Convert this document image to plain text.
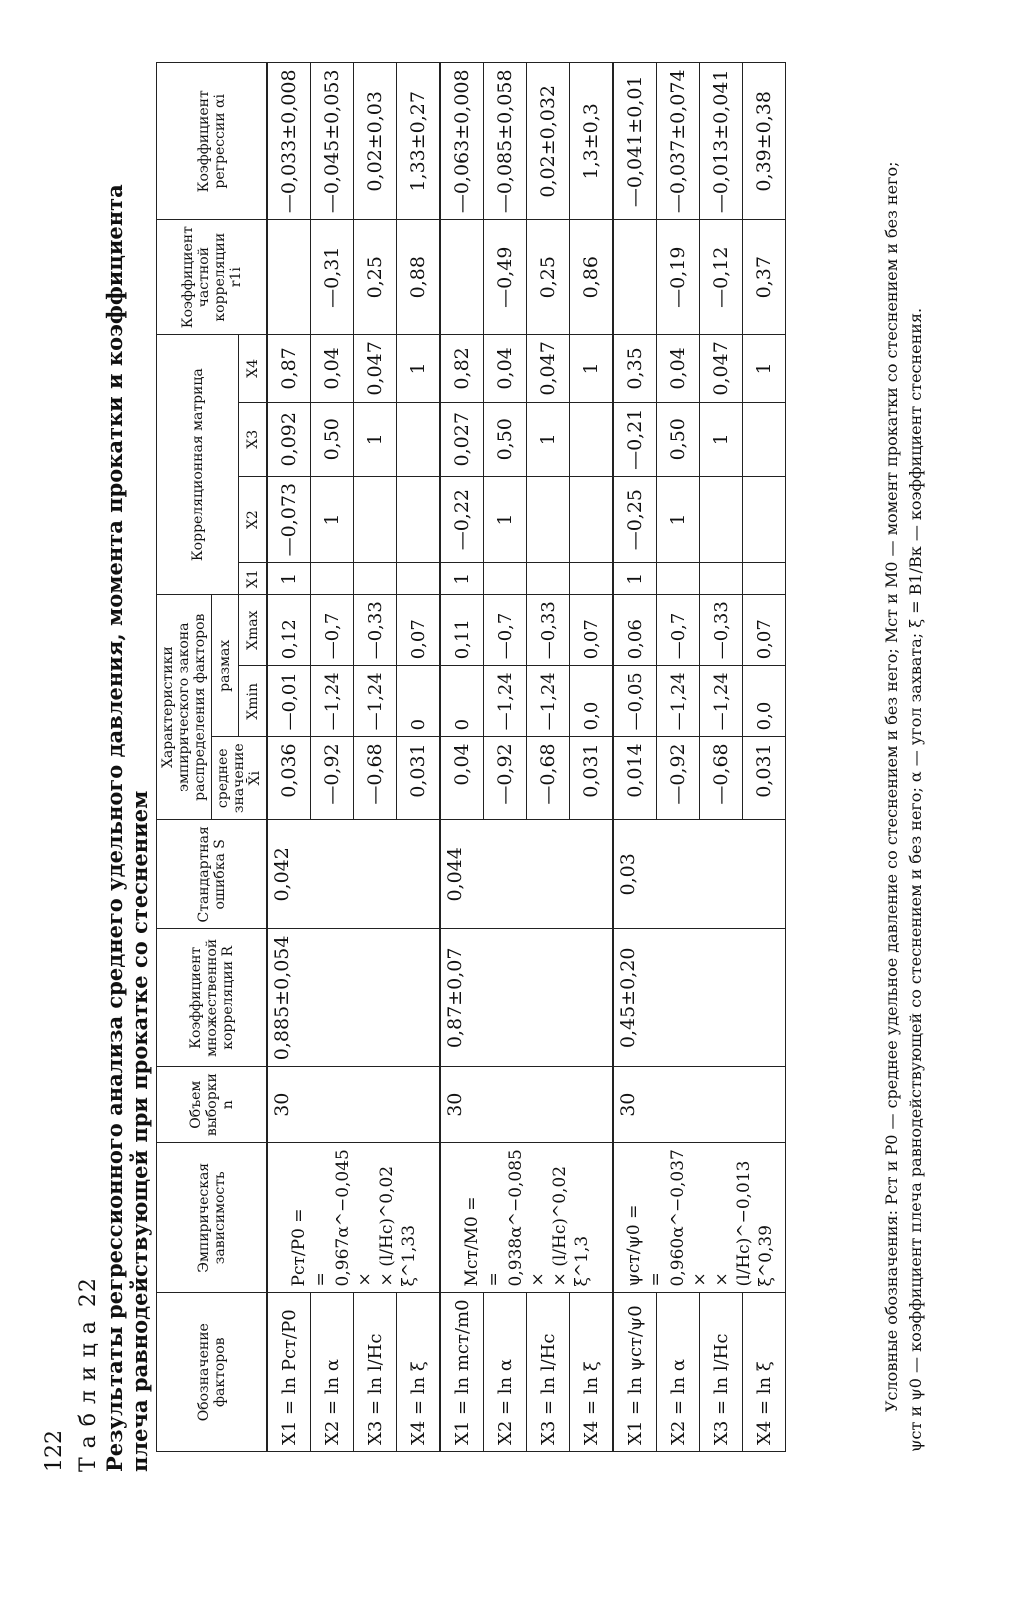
122 Т а б л и ц а 22 Результаты регрессионного анализа среднего удельного давления, момента прокатки и коэффициента плеча равнодействующей при прокатке со стеснением	Обозначение факторов	Эмпирическая зависимость	Объем выборки n	Коэффициент множественной корреляции R	Стандартная ошибка S	Характеристики эмпирического закона распределения факторов			Корреляционная матрица				Коэффициент частной корреляции r1i	Коэффициент регрессии αi
					среднее значение X̄i	размах							
						Xmin	Xmax	X1	X2	X3	X4		
X1 = ln Pст/P0	Pст/P0 = = 0,967α^−0,045 × × (l/Hc)^0,02 ξ^1,33	30	0,885±0,054	0,042	0,036	—0,01	0,12	1	—0,073	0,092	0,87		—0,033±0,008
X2 = ln α					—0,92	—1,24	—0,7		1	0,50	0,04	—0,31	—0,045±0,053
X3 = ln l/Hc					—0,68	—1,24	—0,33			1	0,047	0,25	0,02±0,03
X4 = ln ξ					0,031	0	0,07				1	0,88	1,33±0,27
X1 = ln mст/m0	Mст/M0 = = 0,938α^−0,085 × × (l/Hc)^0,02 ξ^1,3	30	0,87±0,07	0,044	0,04	0	0,11	1	—0,22	0,027	0,82		—0,063±0,008
X2 = ln α					—0,92	—1,24	—0,7		1	0,50	0,04	—0,49	—0,085±0,058
X3 = ln l/Hc					—0,68	—1,24	—0,33			1	0,047	0,25	0,02±0,032
X4 = ln ξ					0,031	0,0	0,07				1	0,86	1,3±0,3
X1 = ln ψст/ψ0	ψст/ψ0 = = 0,960α^−0,037 × × (l/Hc)^−0,013 ξ^0,39	30	0,45±0,20	0,03	0,014	—0,05	0,06	1	—0,25	—0,21	0,35		—0,041±0,01
X2 = ln α					—0,92	—1,24	—0,7		1	0,50	0,04	—0,19	—0,037±0,074
X3 = ln l/Hc					—0,68	—1,24	—0,33			1	0,047	—0,12	—0,013±0,041
X4 = ln ξ					0,031	0,0	0,07				1	0,37	0,39±0,38
Условные обозначения: Pст и P0 — среднее удельное давление со стеснением и без него; Mст и M0 — момент прокатки со стеснением и без него; ψст и ψ0 — коэффициент плеча равнодействующей со стеснением и без него; α — угол захвата; ξ = B1/Bк — коэффициент стеснения.
